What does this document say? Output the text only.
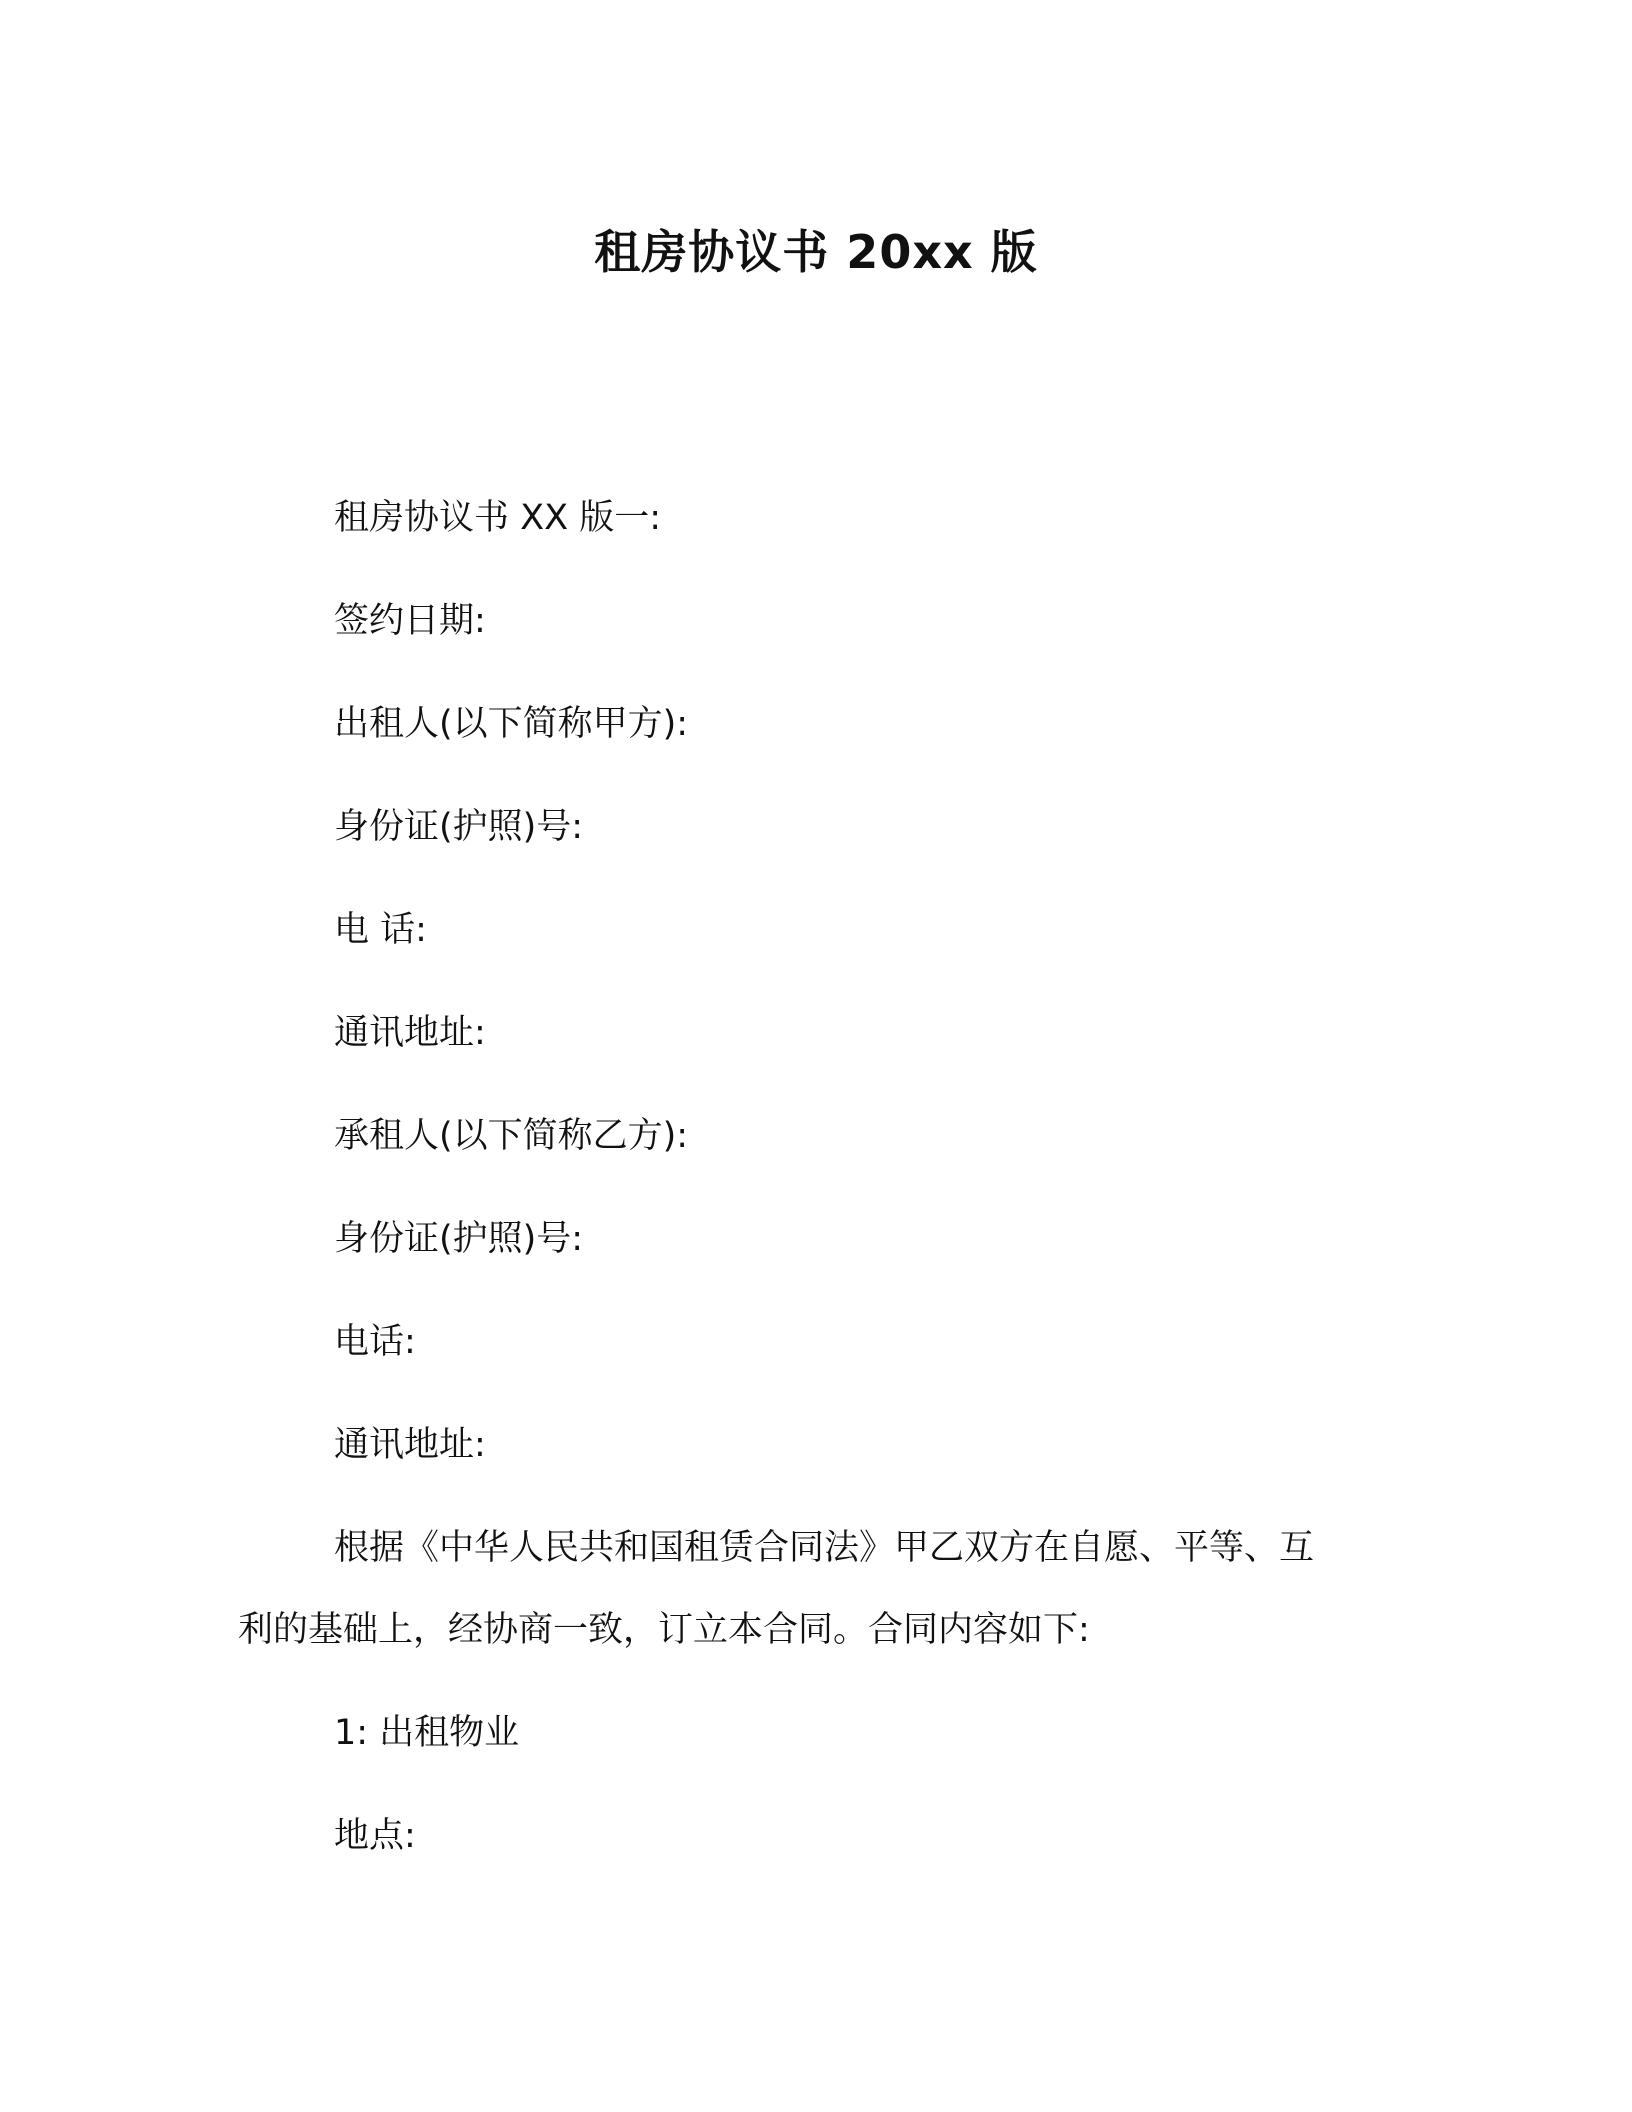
租房协议书 20xx 版
租房协议书 XX 版一:
签约日期:
出租人(以下简称甲方):
身份证(护照)号:
电 话:
通讯地址:
承租人(以下简称乙方):
身份证(护照)号:
电话:
通讯地址:
根据《中华人民共和国租赁合同法》甲乙双方在自愿、平等、互
利的基础上，经协商一致，订立本合同。合同内容如下:
1: 出租物业
地点:
